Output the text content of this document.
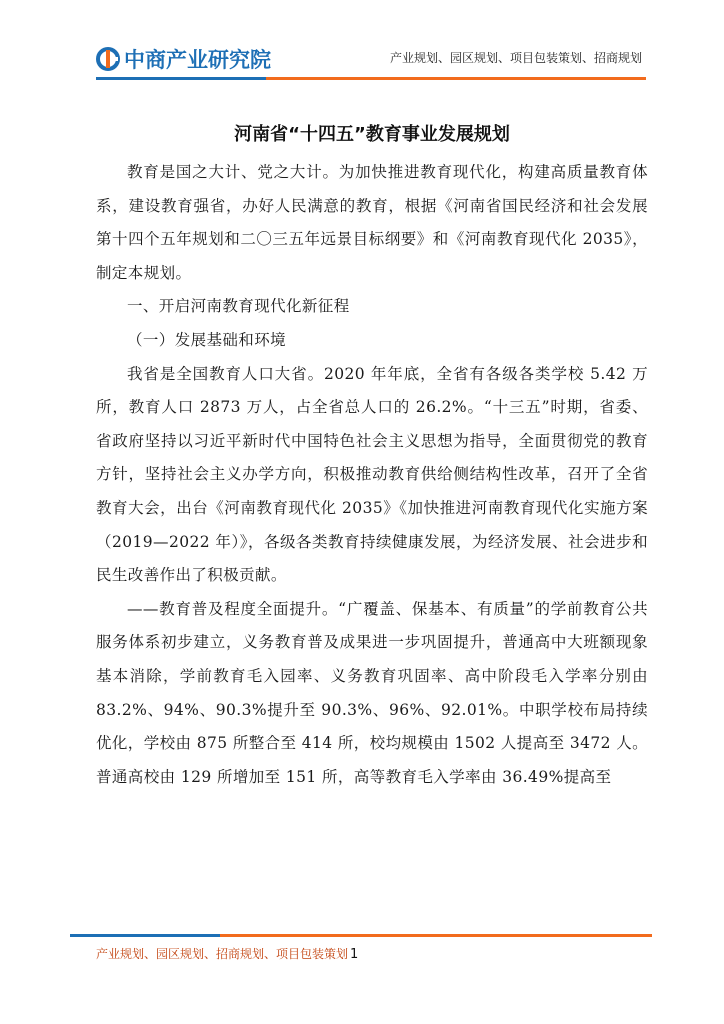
中商产业研究院	产业规划、园区规划、项目包装策划、招商规划
河南省“十四五”教育事业发展规划

教育是国之大计、党之大计。为加快推进教育现代化，构建高质量教育体系，建设教育强省，办好人民满意的教育，根据《河南省国民经济和社会发展第十四个五年规划和二〇三五年远景目标纲要》和《河南教育现代化 2035》，制定本规划。

一、开启河南教育现代化新征程

（一）发展基础和环境

我省是全国教育人口大省。2020 年年底，全省有各级各类学校 5.42 万所，教育人口 2873 万人，占全省总人口的 26.2%。“十三五”时期，省委、省政府坚持以习近平新时代中国特色社会主义思想为指导，全面贯彻党的教育方针，坚持社会主义办学方向，积极推动教育供给侧结构性改革，召开了全省教育大会，出台《河南教育现代化 2035》《加快推进河南教育现代化实施方案（2019—2022 年）》，各级各类教育持续健康发展，为经济发展、社会进步和民生改善作出了积极贡献。

——教育普及程度全面提升。“广覆盖、保基本、有质量”的学前教育公共服务体系初步建立，义务教育普及成果进一步巩固提升，普通高中大班额现象基本消除，学前教育毛入园率、义务教育巩固率、高中阶段毛入学率分别由 83.2%、94%、90.3%提升至 90.3%、96%、92.01%。中职学校布局持续优化，学校由 875 所整合至 414 所，校均规模由 1502 人提高至 3472 人。普通高校由 129 所增加至 151 所，高等教育毛入学率由 36.49%提高至

产业规划、园区规划、招商规划、项目包装策划 1
